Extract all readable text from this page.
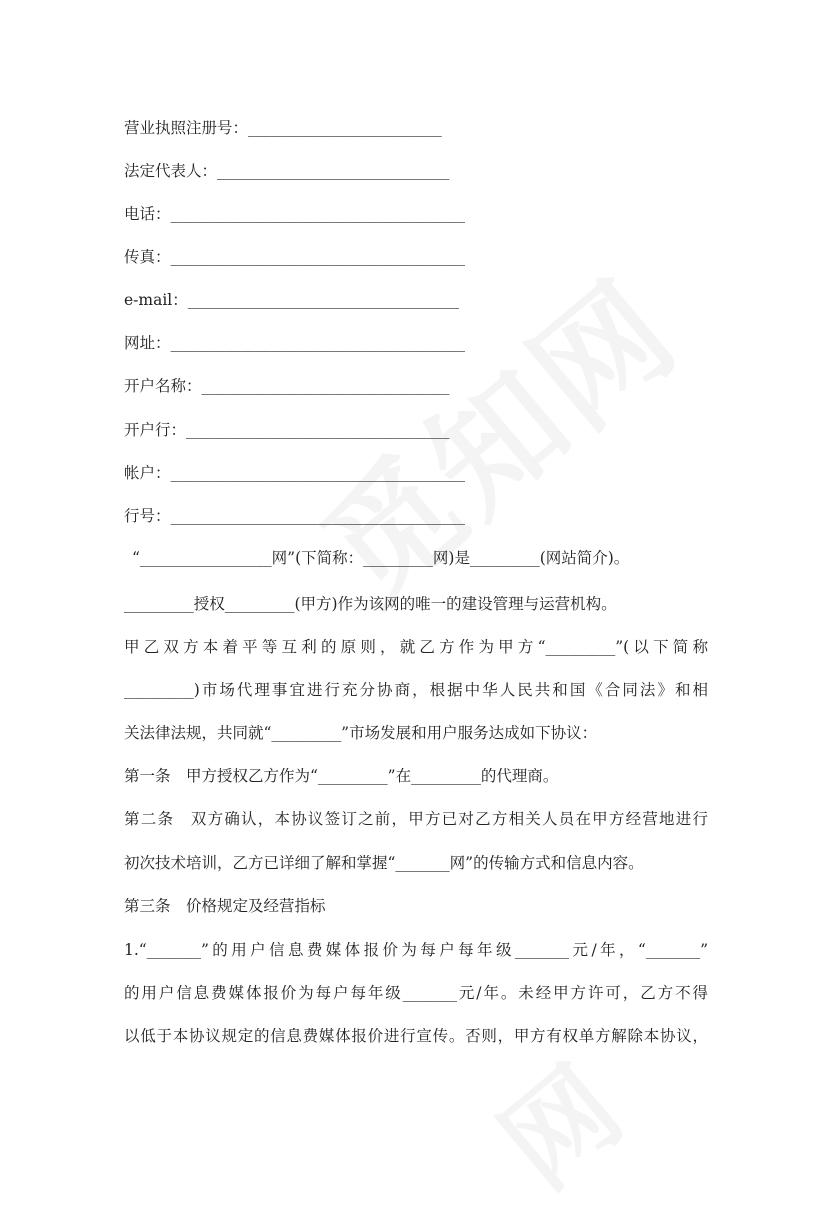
营业执照注册号：_________________________
法定代表人：______________________________
电话：______________________________________
传真：______________________________________
e-mail：___________________________________
网址：______________________________________
开户名称：________________________________
开户行：__________________________________
帐户：______________________________________
行号：______________________________________
“_________________网”(下简称：_________网)是_________(网站简介)。
_________授权_________(甲方)作为该网的唯一的建设管理与运营机构。
甲乙双方本着平等互利的原则，就乙方作为甲方“_________”(以下简称
_________)市场代理事宜进行充分协商，根据中华人民共和国《合同法》和相
关法律法规，共同就“_________”市场发展和用户服务达成如下协议：
第一条　甲方授权乙方作为“_________”在_________的代理商。
第二条　双方确认，本协议签订之前，甲方已对乙方相关人员在甲方经营地进行
初次技术培训，乙方已详细了解和掌握“_______网”的传输方式和信息内容。
第三条　价格规定及经营指标
1.“_______”的用户信息费媒体报价为每户每年级_______元/年，“_______”
的用户信息费媒体报价为每户每年级_______元/年。未经甲方许可，乙方不得
以低于本协议规定的信息费媒体报价进行宣传。否则，甲方有权单方解除本协议，
